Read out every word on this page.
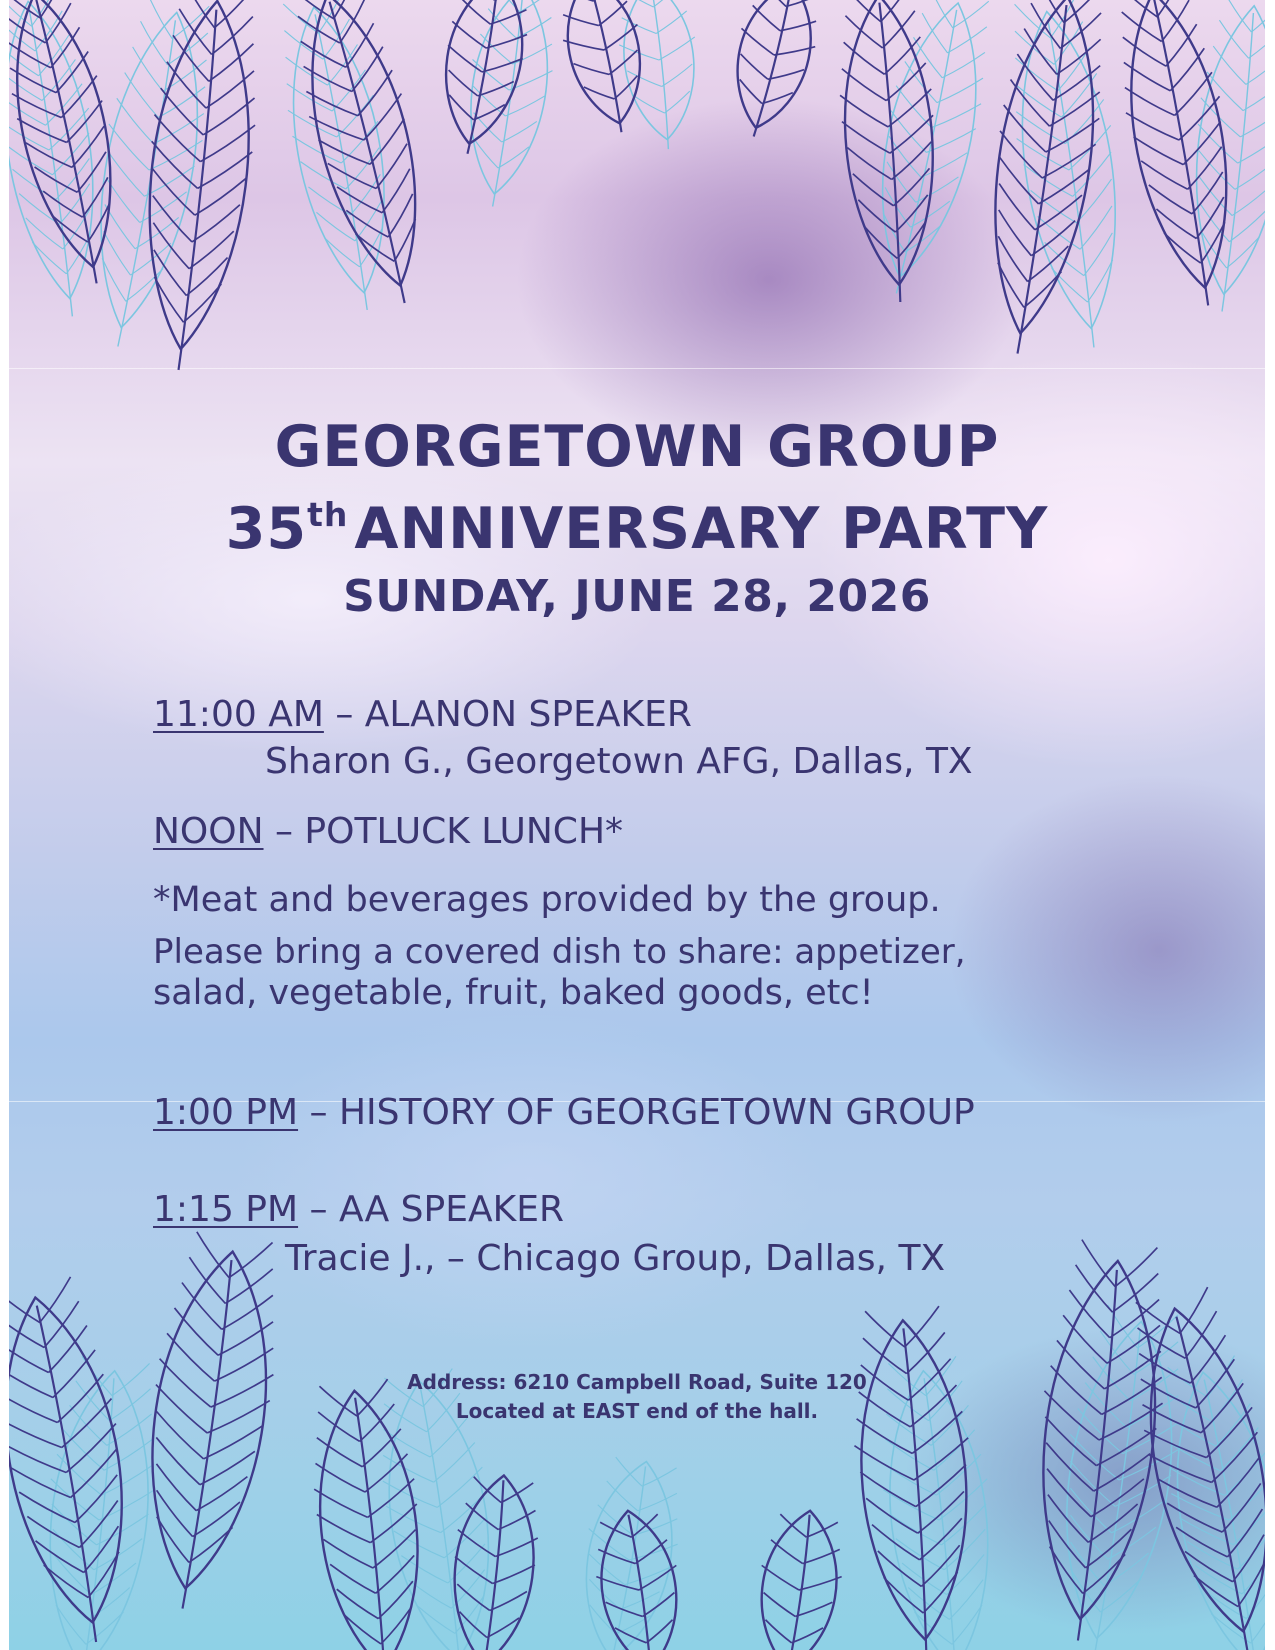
GEORGETOWN GROUP
35th ANNIVERSARY PARTY
SUNDAY, JUNE 28, 2026
11:00 AM – ALANON SPEAKER
Sharon G., Georgetown AFG, Dallas, TX
NOON – POTLUCK LUNCH*
*Meat and beverages provided by the group.
Please bring a covered dish to share: appetizer,
salad, vegetable, fruit, baked goods, etc!
1:00 PM – HISTORY OF GEORGETOWN GROUP
1:15 PM – AA SPEAKER
Tracie J., – Chicago Group, Dallas, TX
Address: 6210 Campbell Road, Suite 120
Located at EAST end of the hall.
